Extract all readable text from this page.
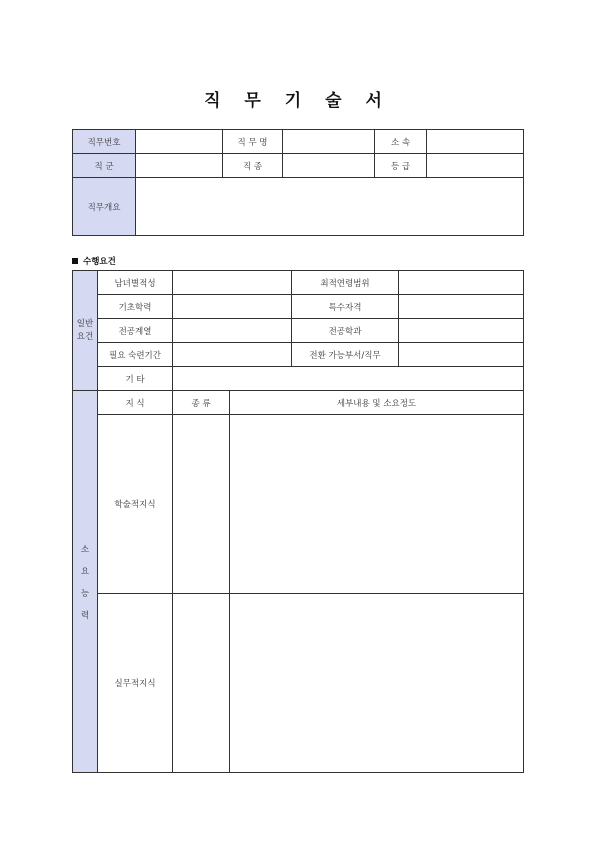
직 무 기 술 서
직무번호		직 무 명		소 속	
직 군		직 종		등 급	
직무개요					
수행요건
일반
요건	남녀별적성			최적연령범위	
	기초학력			특수자격	
	전공계열			전공학과	
	필요 숙련기간			전환 가능부서/직무	
	기 타				

소
요
능
력	지 식	종 류	세부내용 및 소요정도		
	학술적지식				
	실무적지식				
